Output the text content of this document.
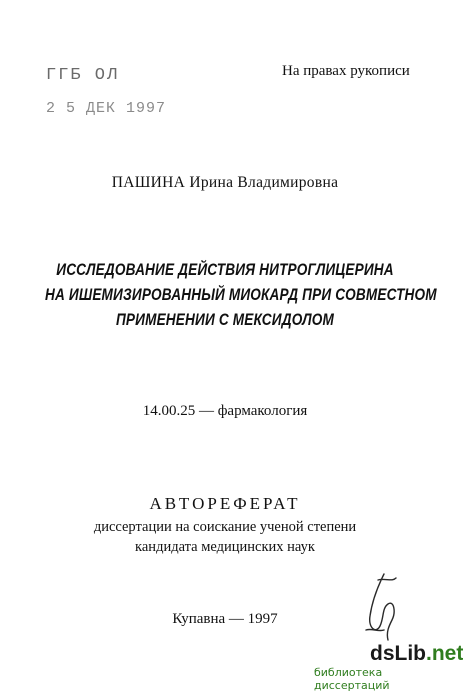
ГГБ ОЛ
2 5 ДЕК 1997
На правах рукописи
ПАШИНА Ирина Владимировна
ИССЛЕДОВАНИЕ ДЕЙСТВИЯ НИТРОГЛИЦЕРИНА
НА ИШЕМИЗИРОВАННЫЙ МИОКАРД ПРИ СОВМЕСТНОМ
ПРИМЕНЕНИИ С МЕКСИДОЛОМ
14.00.25 — фармакология
АВТОРЕФЕРАТ
диссертации на соискание ученой степени
кандидата медицинских наук
Купавна — 1997
dsLib.net
библиотека диссертаций
